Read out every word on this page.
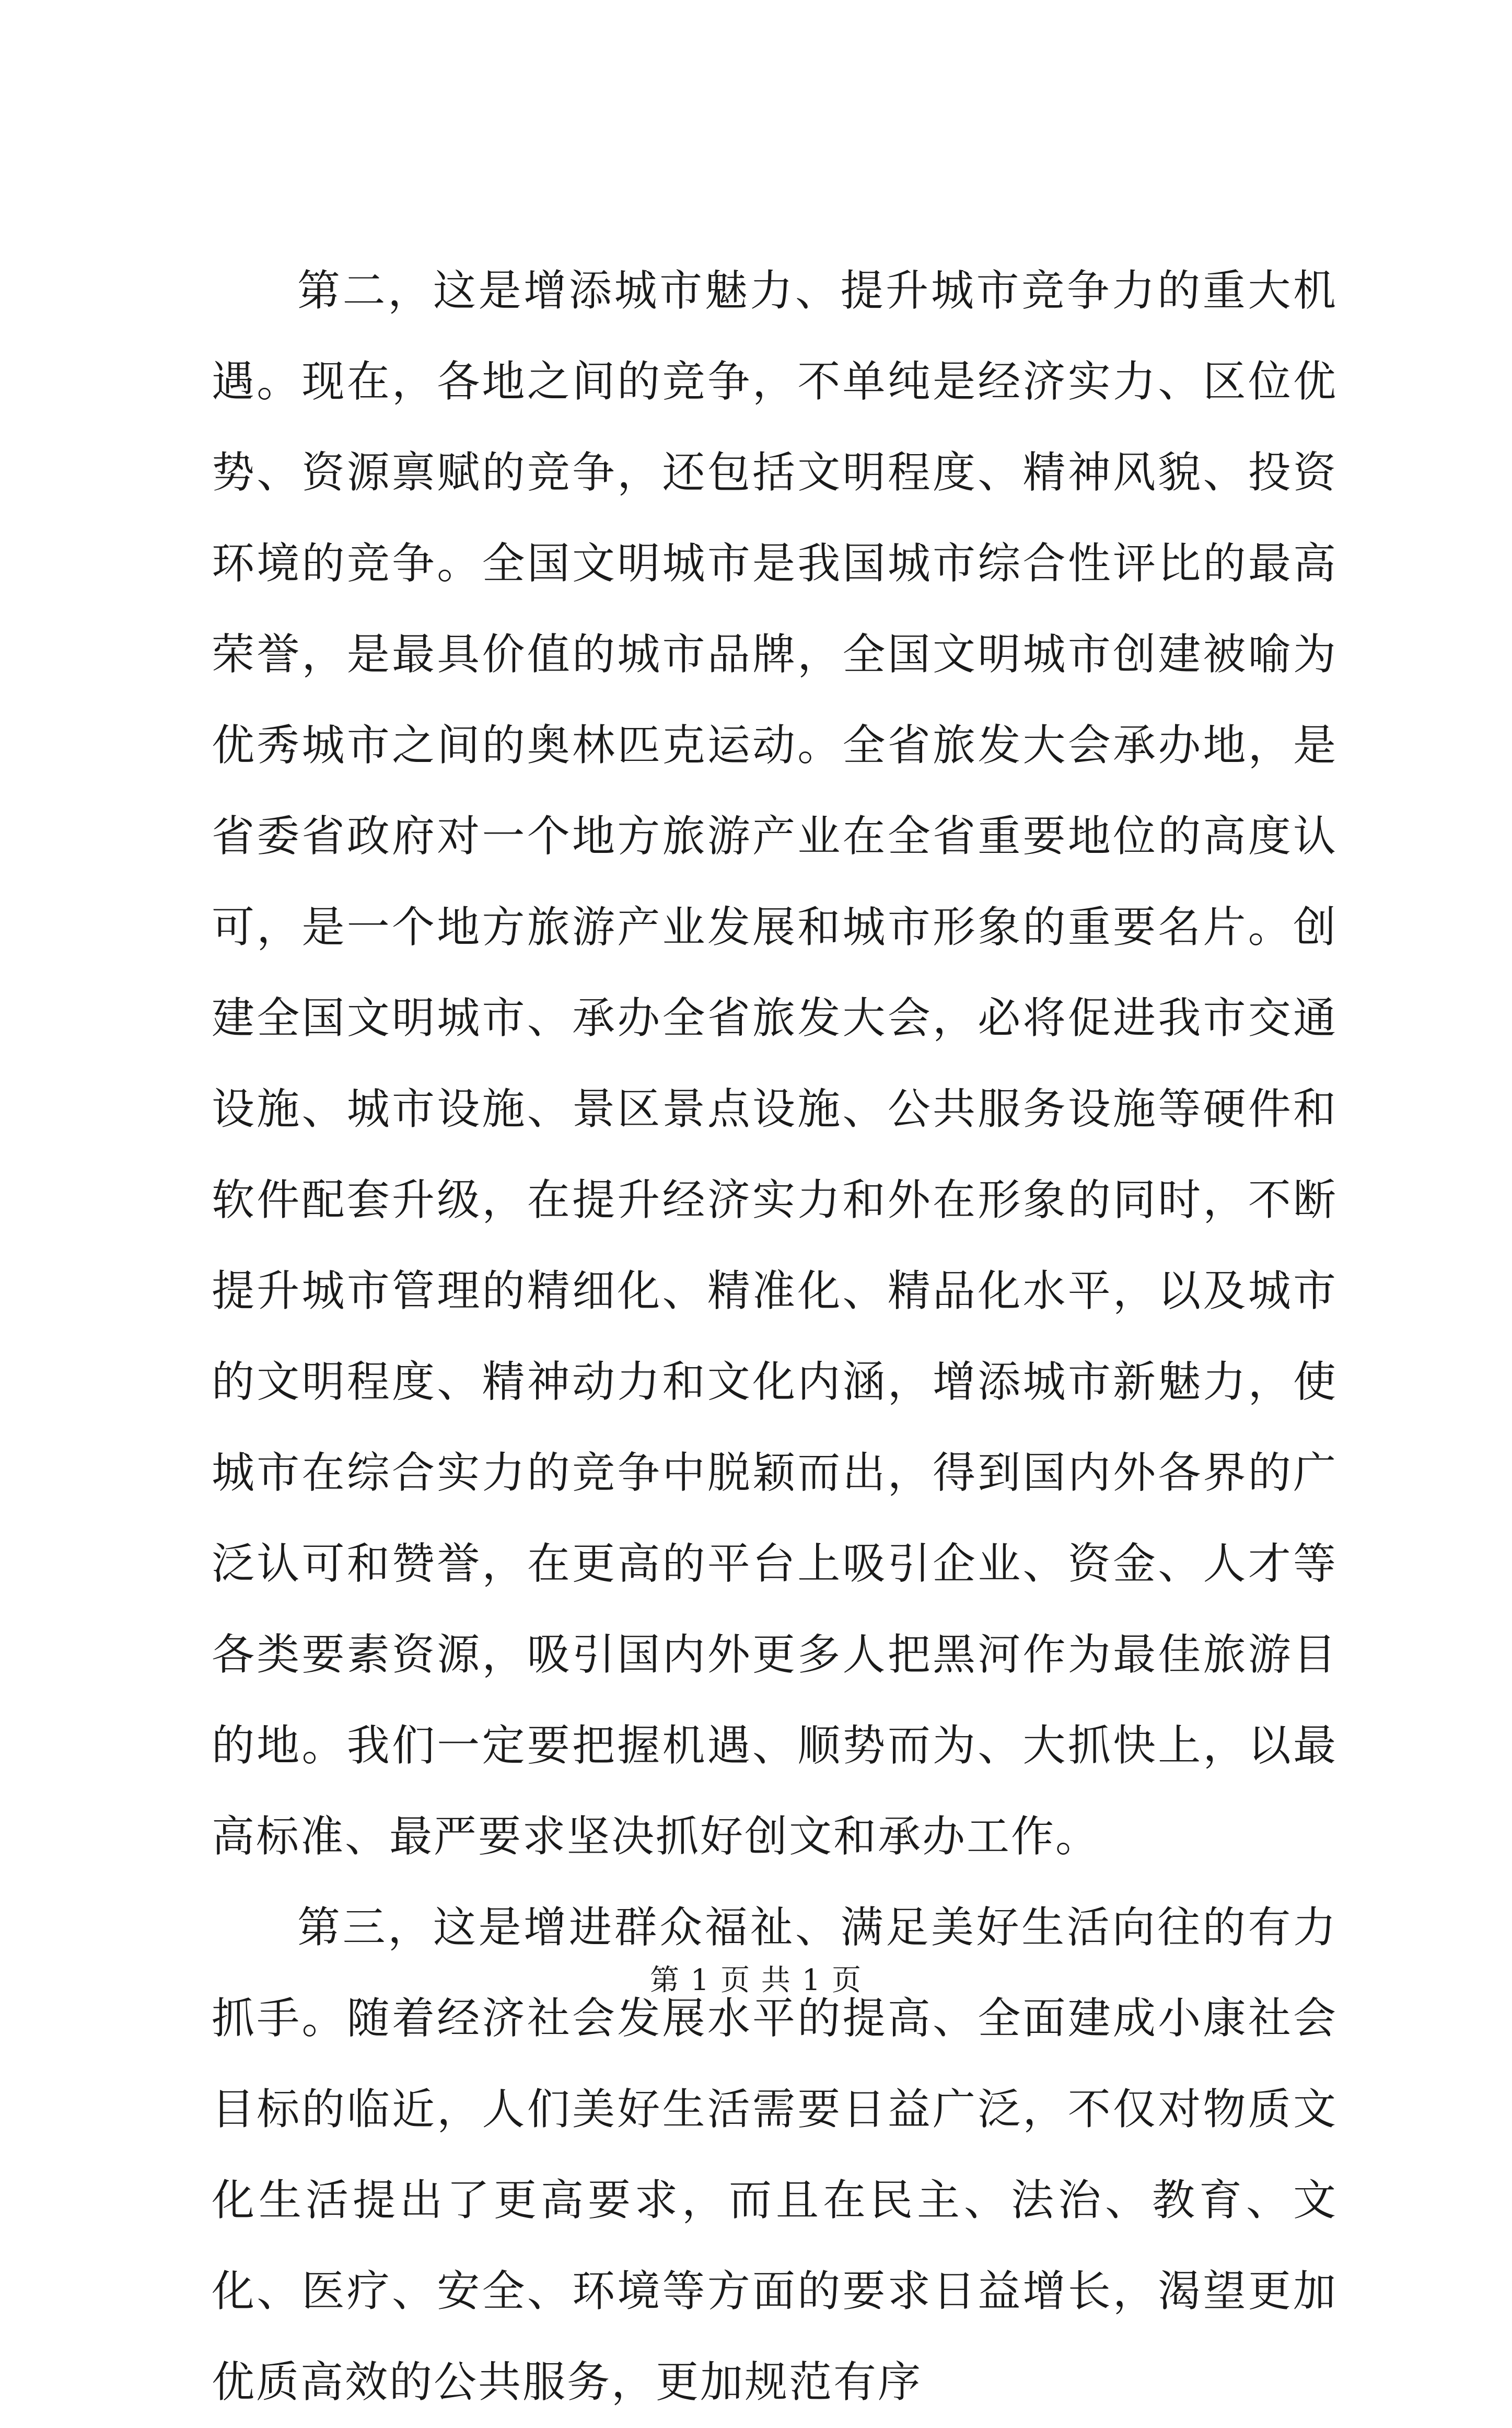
第二，这是增添城市魅力、提升城市竞争力的重大机遇。现在，各地之间的竞争，不单纯是经济实力、区位优势、资源禀赋的竞争，还包括文明程度、精神风貌、投资环境的竞争。全国文明城市是我国城市综合性评比的最高荣誉，是最具价值的城市品牌，全国文明城市创建被喻为优秀城市之间的奥林匹克运动。全省旅发大会承办地，是省委省政府对一个地方旅游产业在全省重要地位的高度认可，是一个地方旅游产业发展和城市形象的重要名片。创建全国文明城市、承办全省旅发大会，必将促进我市交通设施、城市设施、景区景点设施、公共服务设施等硬件和软件配套升级，在提升经济实力和外在形象的同时，不断提升城市管理的精细化、精准化、精品化水平，以及城市的文明程度、精神动力和文化内涵，增添城市新魅力，使城市在综合实力的竞争中脱颖而出，得到国内外各界的广泛认可和赞誉，在更高的平台上吸引企业、资金、人才等各类要素资源，吸引国内外更多人把黑河作为最佳旅游目的地。我们一定要把握机遇、顺势而为、大抓快上，以最高标准、最严要求坚决抓好创文和承办工作。

第三，这是增进群众福祉、满足美好生活向往的有力抓手。随着经济社会发展水平的提高、全面建成小康社会目标的临近，人们美好生活需要日益广泛，不仅对物质文化生活提出了更高要求，而且在民主、法治、教育、文化、医疗、安全、环境等方面的要求日益增长，渴望更加优质高效的公共服务，更加规范有序

第 1 页 共 1 页
